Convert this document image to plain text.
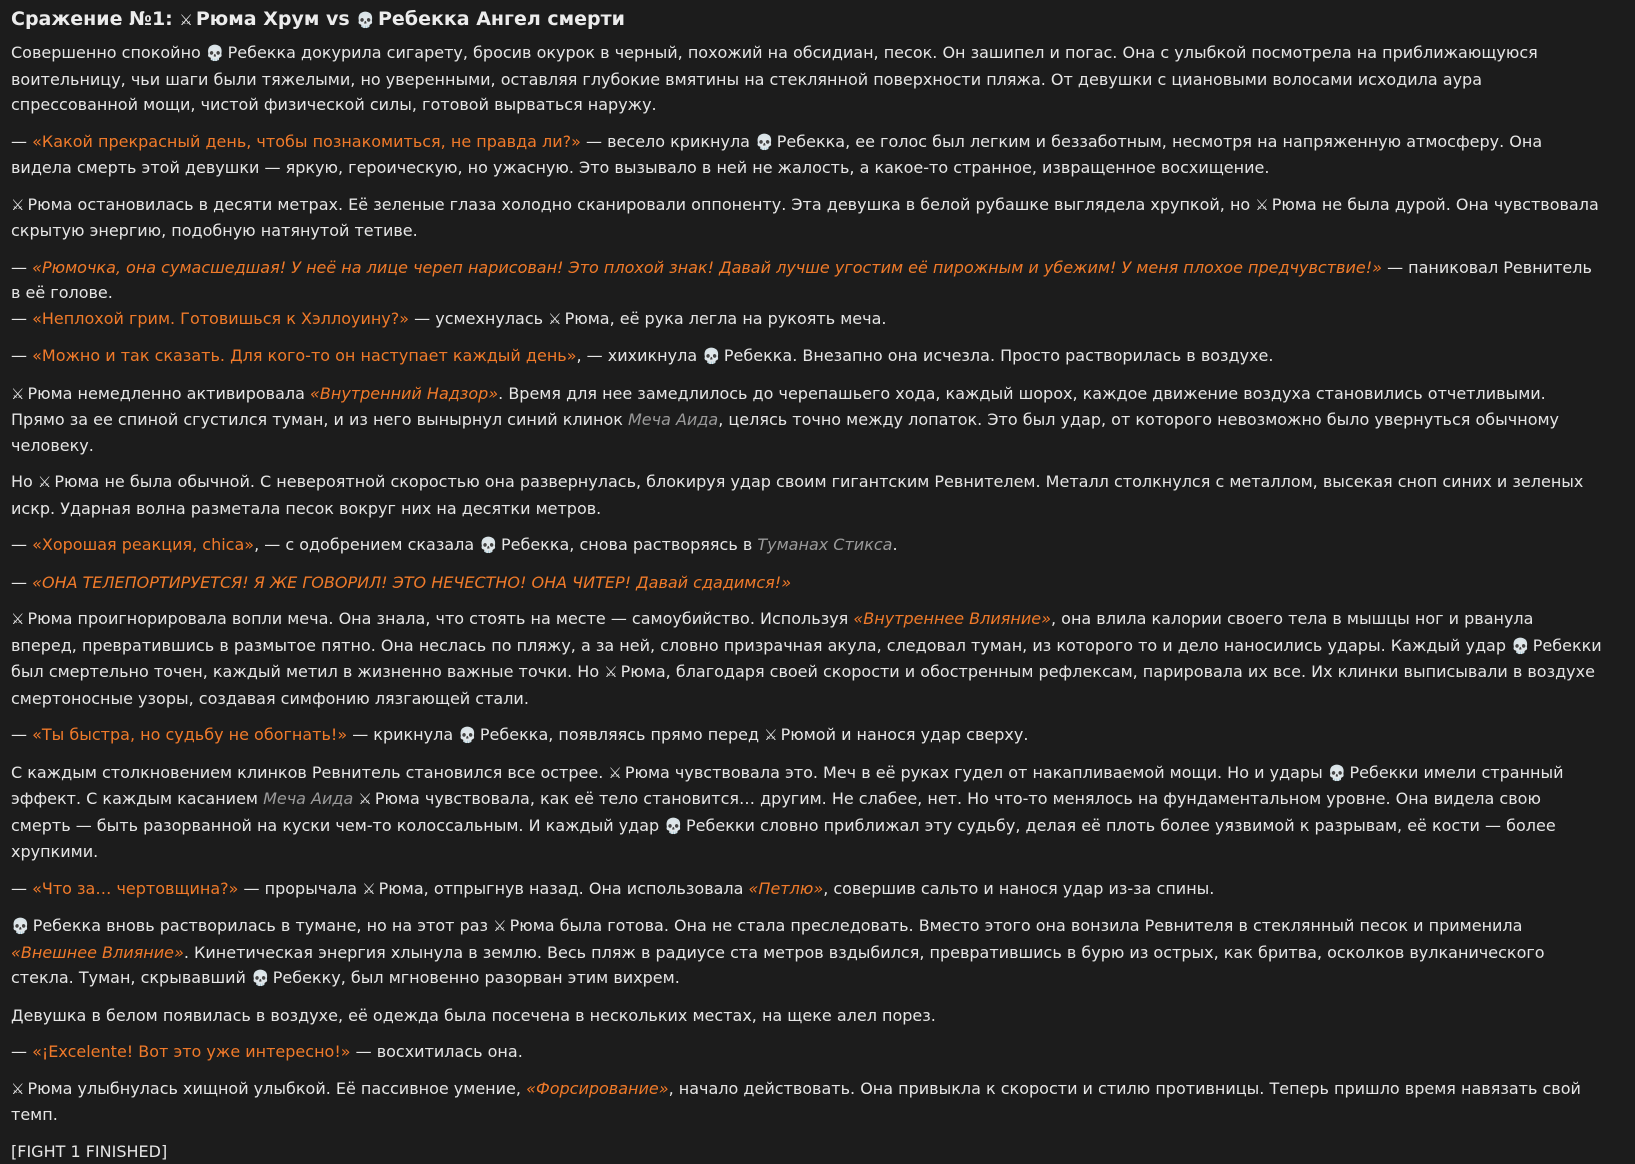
Сражение №1: ⚔ Рюма Хрум vs 💀 Ребекка Ангел смерти

Совершенно спокойно 💀 Ребекка докурила сигарету, бросив окурок в черный, похожий на обсидиан, песок. Он зашипел и погас. Она с улыбкой посмотрела на приближающуюся воительницу, чьи шаги были тяжелыми, но уверенными, оставляя глубокие вмятины на стеклянной поверхности пляжа. От девушки с циановыми волосами исходила аура спрессованной мощи, чистой физической силы, готовой вырваться наружу.

— «Какой прекрасный день, чтобы познакомиться, не правда ли?» — весело крикнула 💀 Ребекка, ее голос был легким и беззаботным, несмотря на напряженную атмосферу. Она видела смерть этой девушки — яркую, героическую, но ужасную. Это вызывало в ней не жалость, а какое-то странное, извращенное восхищение.

⚔ Рюма остановилась в десяти метрах. Её зеленые глаза холодно сканировали оппоненту. Эта девушка в белой рубашке выглядела хрупкой, но ⚔ Рюма не была дурой. Она чувствовала скрытую энергию, подобную натянутой тетиве.

— «Рюмочка, она сумасшедшая! У неё на лице череп нарисован! Это плохой знак! Давай лучше угостим её пирожным и убежим! У меня плохое предчувствие!» — паниковал Ревнитель в её голове.

— «Неплохой грим. Готовишься к Хэллоуину?» — усмехнулась ⚔ Рюма, её рука легла на рукоять меча.

— «Можно и так сказать. Для кого-то он наступает каждый день», — хихикнула 💀 Ребекка. Внезапно она исчезла. Просто растворилась в воздухе.

⚔ Рюма немедленно активировала «Внутренний Надзор». Время для нее замедлилось до черепашьего хода, каждый шорох, каждое движение воздуха становились отчетливыми. Прямо за ее спиной сгустился туман, и из него вынырнул синий клинок Меча Аида, целясь точно между лопаток. Это был удар, от которого невозможно было увернуться обычному человеку.

Но ⚔ Рюма не была обычной. С невероятной скоростью она развернулась, блокируя удар своим гигантским Ревнителем. Металл столкнулся с металлом, высекая сноп синих и зеленых искр. Ударная волна разметала песок вокруг них на десятки метров.

— «Хорошая реакция, chica», — с одобрением сказала 💀 Ребекка, снова растворяясь в Туманах Стикса.

— «ОНА ТЕЛЕПОРТИРУЕТСЯ! Я ЖЕ ГОВОРИЛ! ЭТО НЕЧЕСТНО! ОНА ЧИТЕР! Давай сдадимся!»

⚔ Рюма проигнорировала вопли меча. Она знала, что стоять на месте — самоубийство. Используя «Внутреннее Влияние», она влила калории своего тела в мышцы ног и рванула вперед, превратившись в размытое пятно. Она неслась по пляжу, а за ней, словно призрачная акула, следовал туман, из которого то и дело наносились удары. Каждый удар 💀 Ребекки был смертельно точен, каждый метил в жизненно важные точки. Но ⚔ Рюма, благодаря своей скорости и обостренным рефлексам, парировала их все. Их клинки выписывали в воздухе смертоносные узоры, создавая симфонию лязгающей стали.

— «Ты быстра, но судьбу не обогнать!» — крикнула 💀 Ребекка, появляясь прямо перед ⚔ Рюмой и нанося удар сверху.

С каждым столкновением клинков Ревнитель становился все острее. ⚔ Рюма чувствовала это. Меч в её руках гудел от накапливаемой мощи. Но и удары 💀 Ребекки имели странный эффект. С каждым касанием Меча Аида ⚔ Рюма чувствовала, как её тело становится… другим. Не слабее, нет. Но что-то менялось на фундаментальном уровне. Она видела свою смерть — быть разорванной на куски чем-то колоссальным. И каждый удар 💀 Ребекки словно приближал эту судьбу, делая её плоть более уязвимой к разрывам, её кости — более хрупкими.

— «Что за… чертовщина?» — прорычала ⚔ Рюма, отпрыгнув назад. Она использовала «Петлю», совершив сальто и нанося удар из-за спины.

💀 Ребекка вновь растворилась в тумане, но на этот раз ⚔ Рюма была готова. Она не стала преследовать. Вместо этого она вонзила Ревнителя в стеклянный песок и применила «Внешнее Влияние». Кинетическая энергия хлынула в землю. Весь пляж в радиусе ста метров вздыбился, превратившись в бурю из острых, как бритва, осколков вулканического стекла. Туман, скрывавший 💀 Ребекку, был мгновенно разорван этим вихрем.

Девушка в белом появилась в воздухе, её одежда была посечена в нескольких местах, на щеке алел порез.

— «¡Excelente! Вот это уже интересно!» — восхитилась она.

⚔ Рюма улыбнулась хищной улыбкой. Её пассивное умение, «Форсирование», начало действовать. Она привыкла к скорости и стилю противницы. Теперь пришло время навязать свой темп.

[FIGHT 1 FINISHED]
